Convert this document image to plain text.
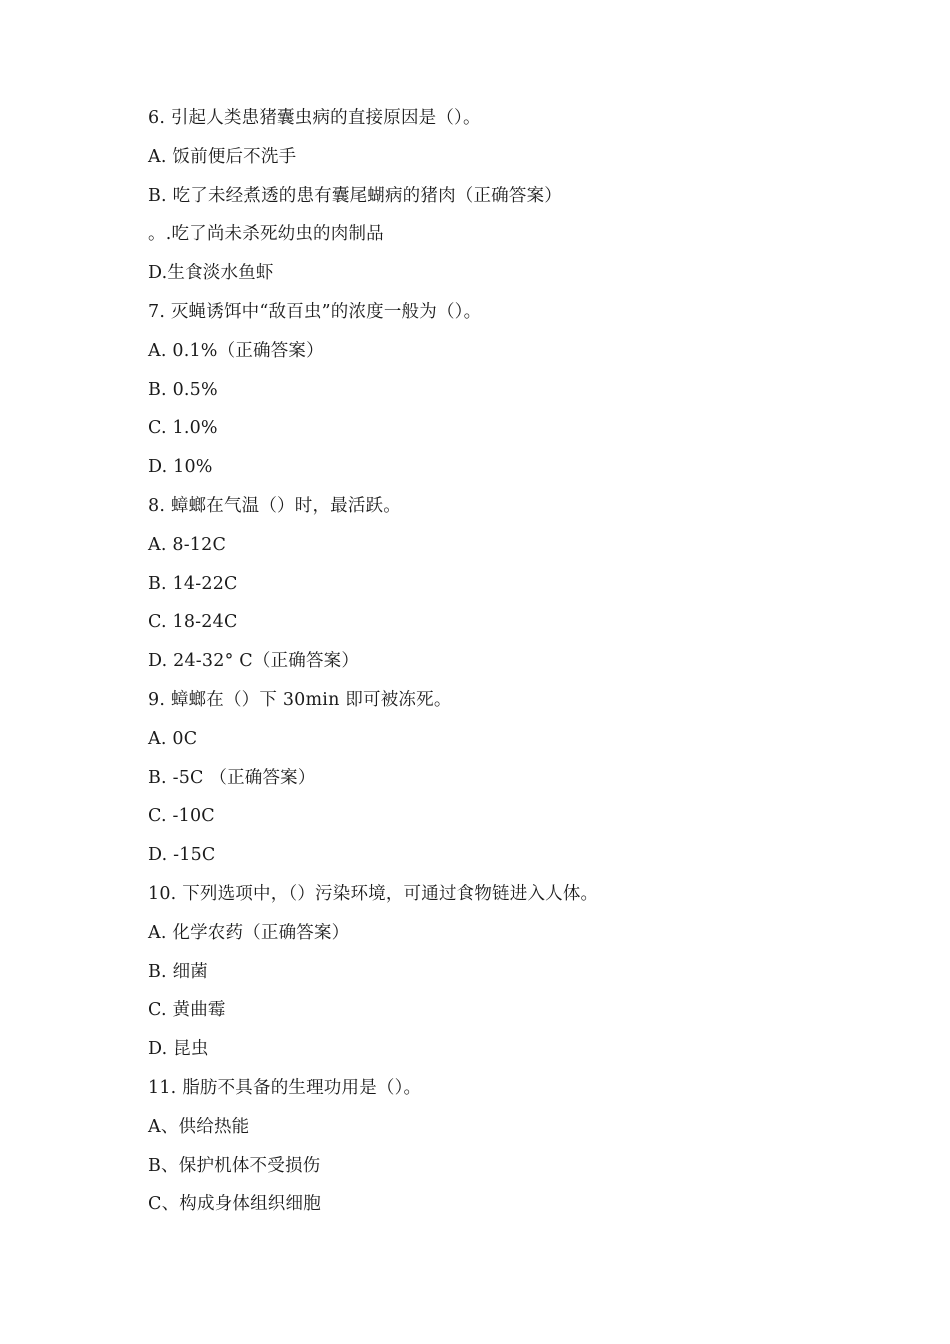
6. 引起人类患猪囊虫病的直接原因是（）。
A. 饭前便后不洗手
B. 吃了未经煮透的患有囊尾蝴病的猪肉（正确答案）
。.吃了尚未杀死幼虫的肉制品
D.生食淡水鱼虾
7. 灭蝇诱饵中“敌百虫”的浓度一般为（）。
A. 0.1%（正确答案）
B. 0.5%
C. 1.0%
D. 10%
8. 蟑螂在气温（）时，最活跃。
A. 8-12C
B. 14-22C
C. 18-24C
D. 24-32° C（正确答案）
9. 蟑螂在（）下 30min 即可被冻死。
A. 0C
B. -5C （正确答案）
C. -10C
D. -15C
10. 下列选项中，（）污染环境，可通过食物链进入人体。
A. 化学农药（正确答案）
B. 细菌
C. 黄曲霉
D. 昆虫
11. 脂肪不具备的生理功用是（）。
A、供给热能
B、保护机体不受损伤
C、构成身体组织细胞
